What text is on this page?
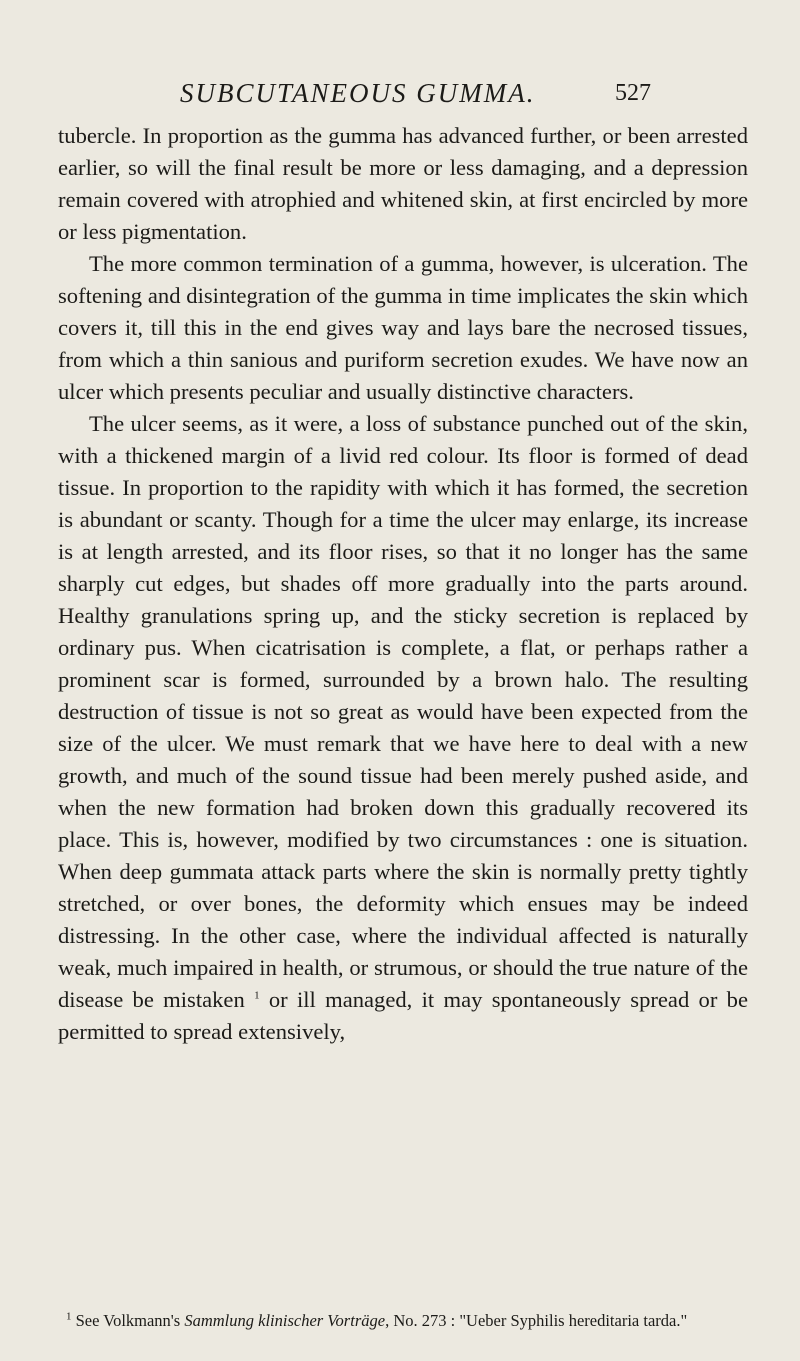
SUBCUTANEOUS GUMMA.	527

tubercle. In proportion as the gumma has advanced further, or been arrested earlier, so will the final result be more or less damaging, and a depression remain covered with atrophied and whitened skin, at first encircled by more or less pigmentation.

The more common termination of a gumma, however, is ulceration. The softening and disintegration of the gumma in time implicates the skin which covers it, till this in the end gives way and lays bare the necrosed tissues, from which a thin sanious and puriform secretion exudes. We have now an ulcer which presents peculiar and usually distinctive characters.

The ulcer seems, as it were, a loss of substance punched out of the skin, with a thickened margin of a livid red colour. Its floor is formed of dead tissue. In proportion to the rapidity with which it has formed, the secretion is abundant or scanty. Though for a time the ulcer may enlarge, its increase is at length arrested, and its floor rises, so that it no longer has the same sharply cut edges, but shades off more gradually into the parts around. Healthy granulations spring up, and the sticky secretion is replaced by ordinary pus. When cicatrisation is complete, a flat, or perhaps rather a prominent scar is formed, surrounded by a brown halo. The resulting destruction of tissue is not so great as would have been expected from the size of the ulcer. We must remark that we have here to deal with a new growth, and much of the sound tissue had been merely pushed aside, and when the new formation had broken down this gradually recovered its place. This is, however, modified by two circumstances : one is situation. When deep gummata attack parts where the skin is normally pretty tightly stretched, or over bones, the deformity which ensues may be indeed distressing. In the other case, where the individual affected is naturally weak, much impaired in health, or strumous, or should the true nature of the disease be mistaken $^1$ or ill managed, it may spontaneously spread or be permitted to spread extensively,

$^1$ See Volkmann's Sammlung klinischer Vorträge, No. 273 : "Ueber Syphilis hereditaria tarda."
